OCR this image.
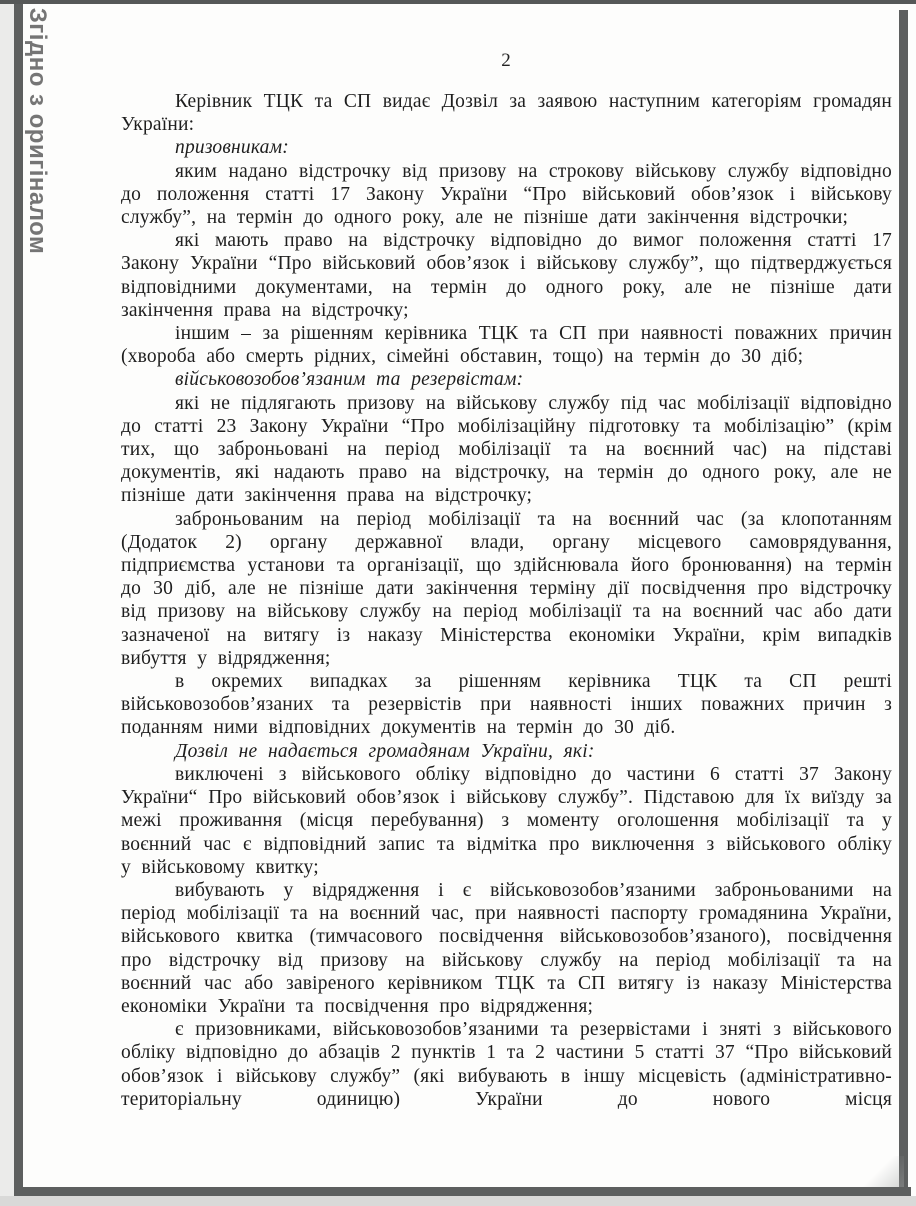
Згідно з оригіналом	2

Керівник ТЦК та СП видає Дозвіл за заявою наступним категоріям громадян України:

призовникам:

яким надано відстрочку від призову на строкову військову службу відповідно до положення статті 17 Закону України “Про військовий обов’язок і військову службу”, на термін до одного року, але не пізніше дати закінчення відстрочки;

які мають право на відстрочку відповідно до вимог положення статті 17 Закону України “Про військовий обов’язок і військову службу”, що підтверджується відповідними документами, на термін до одного року, але не пізніше дати закінчення права на відстрочку;

іншим – за рішенням керівника ТЦК та СП при наявності поважних причин (хвороба або смерть рідних, сімейні обставин, тощо) на термін до 30 діб;

військовозобов’язаним та резервістам:

які не підлягають призову на військову службу під час мобілізації відповідно до статті 23 Закону України “Про мобілізаційну підготовку та мобілізацію” (крім тих, що заброньовані на період мобілізації та на воєнний час) на підставі документів, які надають право на відстрочку, на термін до одного року, але не пізніше дати закінчення права на відстрочку;

заброньованим на період мобілізації та на воєнний час (за клопотанням (Додаток 2) органу державної влади, органу місцевого самоврядування, підприємства установи та організації, що здійснювала його бронювання) на термін до 30 діб, але не пізніше дати закінчення терміну дії посвідчення про відстрочку від призову на військову службу на період мобілізації та на воєнний час або дати зазначеної на витягу із наказу Міністерства економіки України, крім випадків вибуття у відрядження;

в окремих випадках за рішенням керівника ТЦК та СП решті військовозобов’язаних та резервістів при наявності інших поважних причин з поданням ними відповідних документів на термін до 30 діб.

Дозвіл не надається громадянам України, які:

виключені з військового обліку відповідно до частини 6 статті 37 Закону України“ Про військовий обов’язок і військову службу”. Підставою для їх виїзду за межі проживання (місця перебування) з моменту оголошення мобілізації та у воєнний час є відповідний запис та відмітка про виключення з військового обліку у військовому квитку;

вибувають у відрядження і є військовозобов’язаними заброньованими на період мобілізації та на воєнний час, при наявності паспорту громадянина України, військового квитка (тимчасового посвідчення військовозобов’язаного), посвідчення про відстрочку від призову на військову службу на період мобілізації та на воєнний час або завіреного керівником ТЦК та СП витягу із наказу Міністерства економіки України та посвідчення про відрядження;

є призовниками, військовозобов’язаними та резервістами і зняті з військового обліку відповідно до абзаців 2 пунктів 1 та 2 частини 5 статті 37 “Про військовий обов’язок і військову службу” (які вибувають в іншу місцевість (адміністративно-територіальну одиницю) України до нового місця
